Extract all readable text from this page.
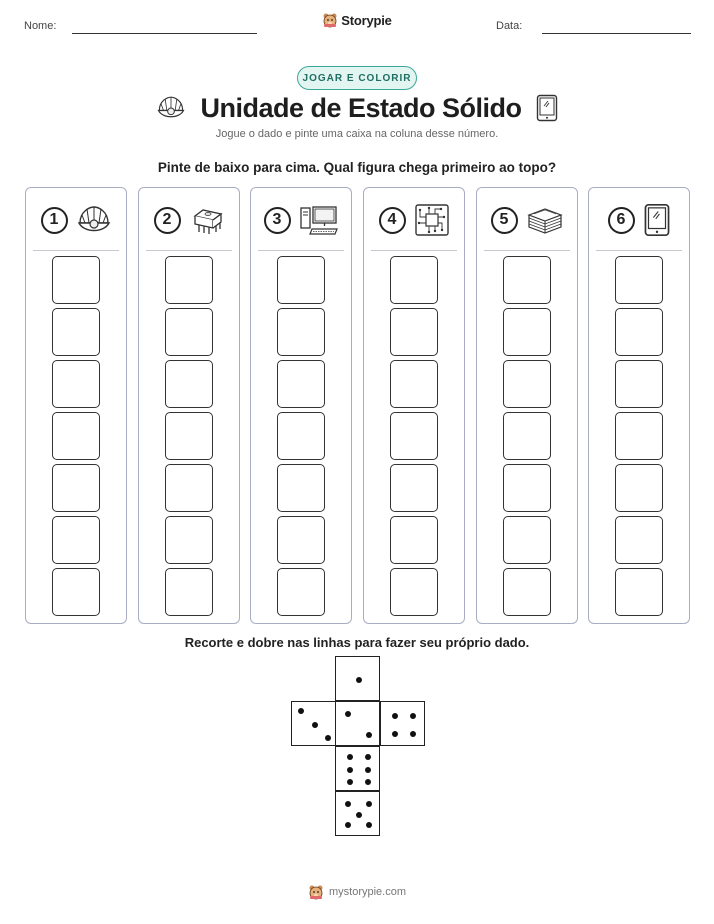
Nome:	Storypie	Data:
JOGAR E COLORIR
Unidade de Estado Sólido
Jogue o dado e pinte uma caixa na coluna desse número.
Pinte de baixo para cima. Qual figura chega primeiro ao topo?
1	2	3	4	5	6
Recorte e dobre nas linhas para fazer seu próprio dado.
mystorypie.com
